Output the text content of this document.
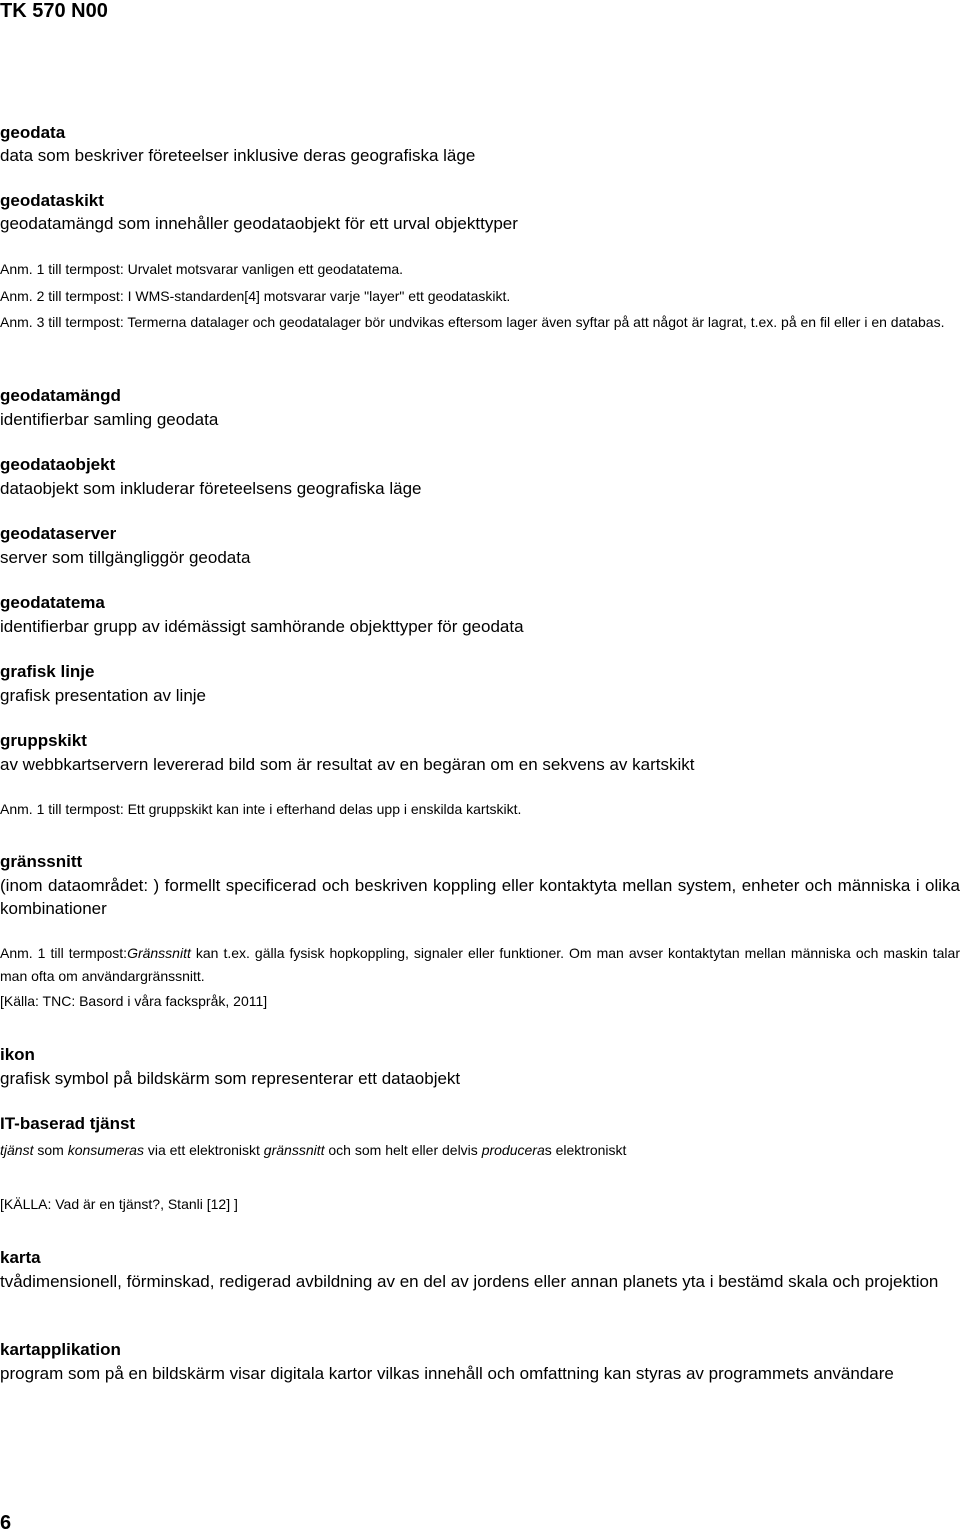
TK 570 N00
geodata
data som beskriver företeelser inklusive deras geografiska läge
geodataskikt
geodatamängd som innehåller geodataobjekt för ett urval objekttyper
Anm. 1 till termpost: Urvalet motsvarar vanligen ett geodatatema.
Anm. 2 till termpost: I WMS-standarden[4] motsvarar varje "layer" ett geodataskikt.
Anm. 3 till termpost: Termerna datalager och geodatalager bör undvikas eftersom lager även syftar på att något är lagrat, t.ex. på en fil eller i en databas.
geodatamängd
identifierbar samling geodata
geodataobjekt
dataobjekt som inkluderar företeelsens geografiska läge
geodataserver
server som tillgängliggör geodata
geodatatema
identifierbar grupp av idémässigt samhörande objekttyper för geodata
grafisk linje
grafisk presentation av linje
gruppskikt
av webbkartservern levererad bild som är resultat av en begäran om en sekvens av kartskikt
Anm. 1 till termpost: Ett gruppskikt kan inte i efterhand delas upp i enskilda kartskikt.
gränssnitt
(inom dataområdet: ) formellt specificerad och beskriven koppling eller kontaktyta mellan system, enheter och människa i olika kombinationer
Anm. 1 till termpost:Gränssnitt kan t.ex. gälla fysisk hopkoppling, signaler eller funktioner. Om man avser kontaktytan mellan människa och maskin talar man ofta om användargränssnitt.
[Källa: TNC: Basord i våra fackspråk, 2011]
ikon
grafisk symbol på bildskärm som representerar ett dataobjekt
IT-baserad tjänst
tjänst som konsumeras via ett elektroniskt gränssnitt och som helt eller delvis produceras elektroniskt
[KÄLLA: Vad är en tjänst?, Stanli [12] ]
karta
tvådimensionell, förminskad, redigerad avbildning av en del av jordens eller annan planets yta i bestämd skala och projektion
kartapplikation
program som på en bildskärm visar digitala kartor vilkas innehåll och omfattning kan styras av programmets användare
6
